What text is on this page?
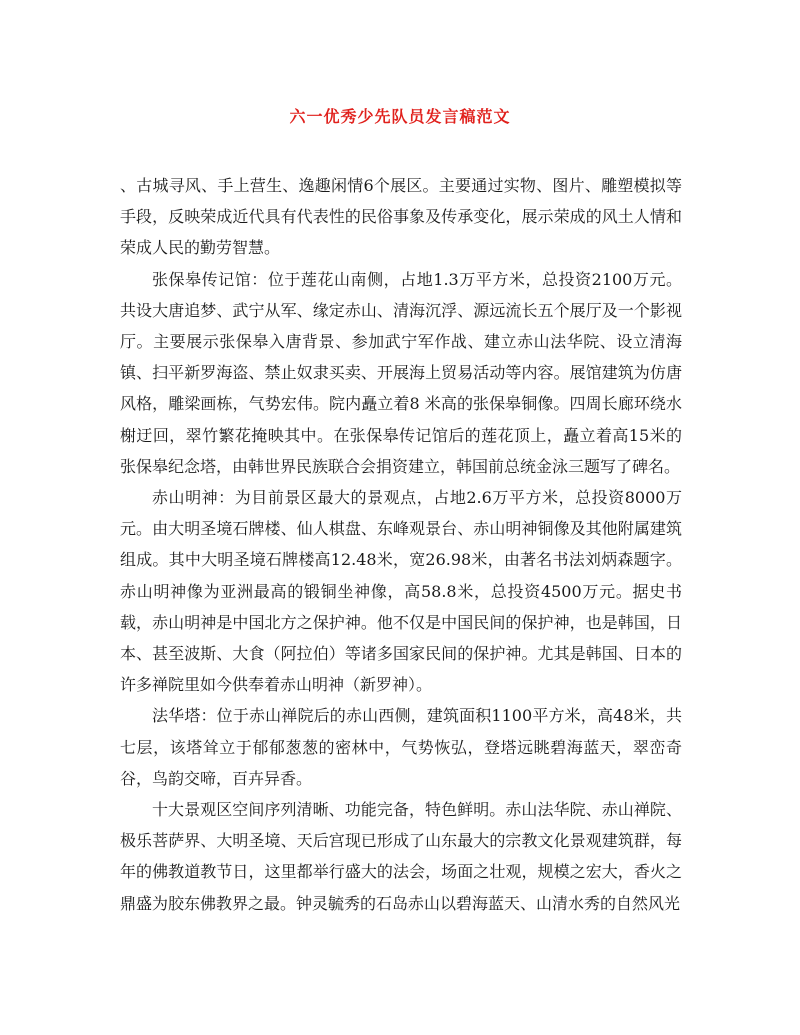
六一优秀少先队员发言稿范文

、古城寻风、手上营生、逸趣闲情6个展区。主要通过实物、图片、雕塑模拟等手段，反映荣成近代具有代表性的民俗事象及传承变化，展示荣成的风土人情和荣成人民的勤劳智慧。

张保皋传记馆：位于莲花山南侧，占地1.3万平方米，总投资2100万元。共设大唐追梦、武宁从军、缘定赤山、清海沉浮、源远流长五个展厅及一个影视厅。主要展示张保皋入唐背景、参加武宁军作战、建立赤山法华院、设立清海镇、扫平新罗海盗、禁止奴隶买卖、开展海上贸易活动等内容。展馆建筑为仿唐风格，雕梁画栋，气势宏伟。院内矗立着8 米高的张保皋铜像。四周长廊环绕水榭迂回，翠竹繁花掩映其中。在张保皋传记馆后的莲花顶上，矗立着高15米的张保皋纪念塔，由韩世界民族联合会捐资建立，韩国前总统金泳三题写了碑名。

赤山明神：为目前景区最大的景观点，占地2.6万平方米，总投资8000万元。由大明圣境石牌楼、仙人棋盘、东峰观景台、赤山明神铜像及其他附属建筑组成。其中大明圣境石牌楼高12.48米，宽26.98米，由著名书法刘炳森题字。赤山明神像为亚洲最高的锻铜坐神像，高58.8米，总投资4500万元。据史书载，赤山明神是中国北方之保护神。他不仅是中国民间的保护神，也是韩国，日本、甚至波斯、大食（阿拉伯）等诸多国家民间的保护神。尤其是韩国、日本的许多禅院里如今供奉着赤山明神（新罗神）。

法华塔：位于赤山禅院后的赤山西侧，建筑面积1100平方米，高48米，共七层，该塔耸立于郁郁葱葱的密林中，气势恢弘，登塔远眺碧海蓝天，翠峦奇谷，鸟韵交啼，百卉异香。

十大景观区空间序列清晰、功能完备，特色鲜明。赤山法华院、赤山禅院、极乐菩萨界、大明圣境、天后宫现已形成了山东最大的宗教文化景观建筑群，每年的佛教道教节日，这里都举行盛大的法会，场面之壮观，规模之宏大，香火之鼎盛为胶东佛教界之最。钟灵毓秀的石岛赤山以碧海蓝天、山清水秀的自然风光
